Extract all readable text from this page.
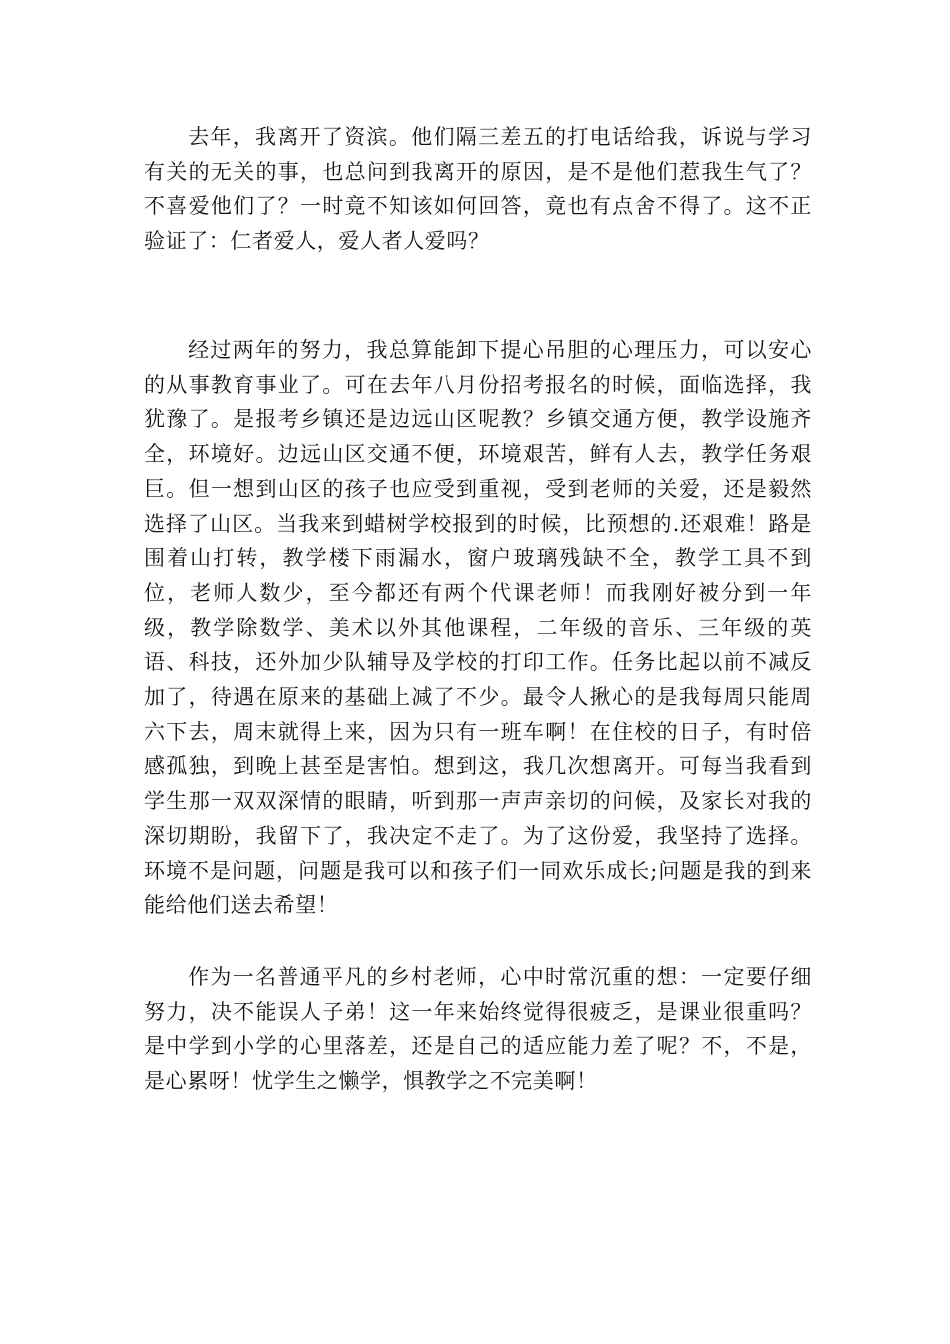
去年，我离开了资滨。他们隔三差五的打电话给我，诉说与学习有关的无关的事，也总问到我离开的原因，是不是他们惹我生气了？不喜爱他们了？一时竟不知该如何回答，竟也有点舍不得了。这不正验证了：仁者爱人，爱人者人爱吗？

经过两年的努力，我总算能卸下提心吊胆的心理压力，可以安心的从事教育事业了。可在去年八月份招考报名的时候，面临选择，我犹豫了。是报考乡镇还是边远山区呢教？乡镇交通方便，教学设施齐全，环境好。边远山区交通不便，环境艰苦，鲜有人去，教学任务艰巨。但一想到山区的孩子也应受到重视，受到老师的关爱，还是毅然选择了山区。当我来到蜡树学校报到的时候，比预想的.还艰难！路是围着山打转，教学楼下雨漏水，窗户玻璃残缺不全，教学工具不到位，老师人数少，至今都还有两个代课老师！而我刚好被分到一年级，教学除数学、美术以外其他课程，二年级的音乐、三年级的英语、科技，还外加少队辅导及学校的打印工作。任务比起以前不减反加了，待遇在原来的基础上减了不少。最令人揪心的是我每周只能周六下去，周末就得上来，因为只有一班车啊！在住校的日子，有时倍感孤独，到晚上甚至是害怕。想到这，我几次想离开。可每当我看到学生那一双双深情的眼睛，听到那一声声亲切的问候，及家长对我的深切期盼，我留下了，我决定不走了。为了这份爱，我坚持了选择。环境不是问题，问题是我可以和孩子们一同欢乐成长;问题是我的到来能给他们送去希望！

作为一名普通平凡的乡村老师，心中时常沉重的想：一定要仔细努力，决不能误人子弟！这一年来始终觉得很疲乏，是课业很重吗？是中学到小学的心里落差，还是自己的适应能力差了呢？不，不是，是心累呀！忧学生之懒学，惧教学之不完美啊！
